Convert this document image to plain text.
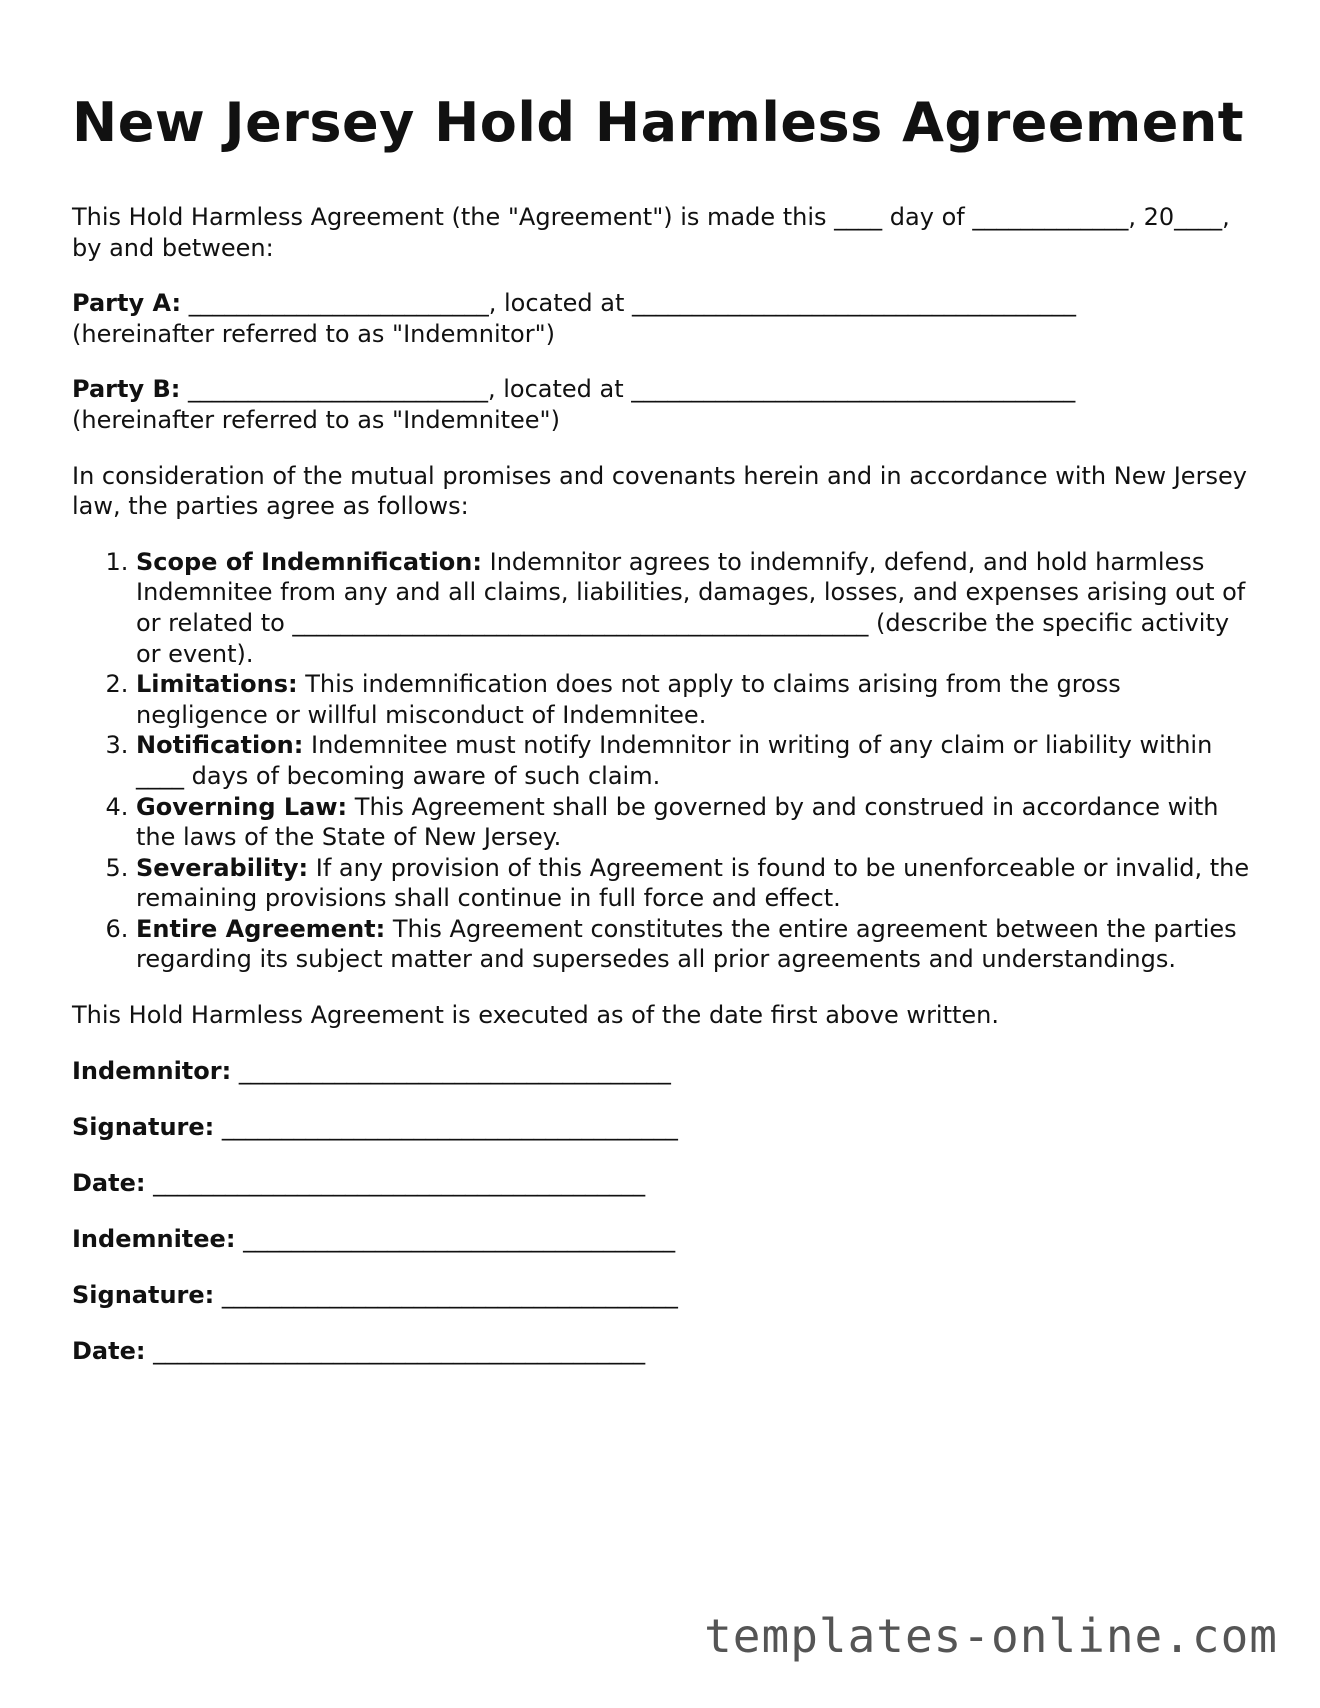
New Jersey Hold Harmless Agreement

This Hold Harmless Agreement (the "Agreement") is made this ____ day of _____________, 20____, by and between:

Party A: _________________________, located at _____________________________________
(hereinafter referred to as "Indemnitor")

Party B: _________________________, located at _____________________________________
(hereinafter referred to as "Indemnitee")

In consideration of the mutual promises and covenants herein and in accordance with New Jersey law, the parties agree as follows:

1. Scope of Indemnification: Indemnitor agrees to indemnify, defend, and hold harmless Indemnitee from any and all claims, liabilities, damages, losses, and expenses arising out of or related to ________________________________________________ (describe the specific activity or event).
2. Limitations: This indemnification does not apply to claims arising from the gross negligence or willful misconduct of Indemnitee.
3. Notification: Indemnitee must notify Indemnitor in writing of any claim or liability within ____ days of becoming aware of such claim.
4. Governing Law: This Agreement shall be governed by and construed in accordance with the laws of the State of New Jersey.
5. Severability: If any provision of this Agreement is found to be unenforceable or invalid, the remaining provisions shall continue in full force and effect.
6. Entire Agreement: This Agreement constitutes the entire agreement between the parties regarding its subject matter and supersedes all prior agreements and understandings.

This Hold Harmless Agreement is executed as of the date first above written.

Indemnitor: ____________________________________
Signature: ______________________________________
Date: _________________________________________
Indemnitee: ____________________________________
Signature: ______________________________________
Date: _________________________________________
templates-online.com
